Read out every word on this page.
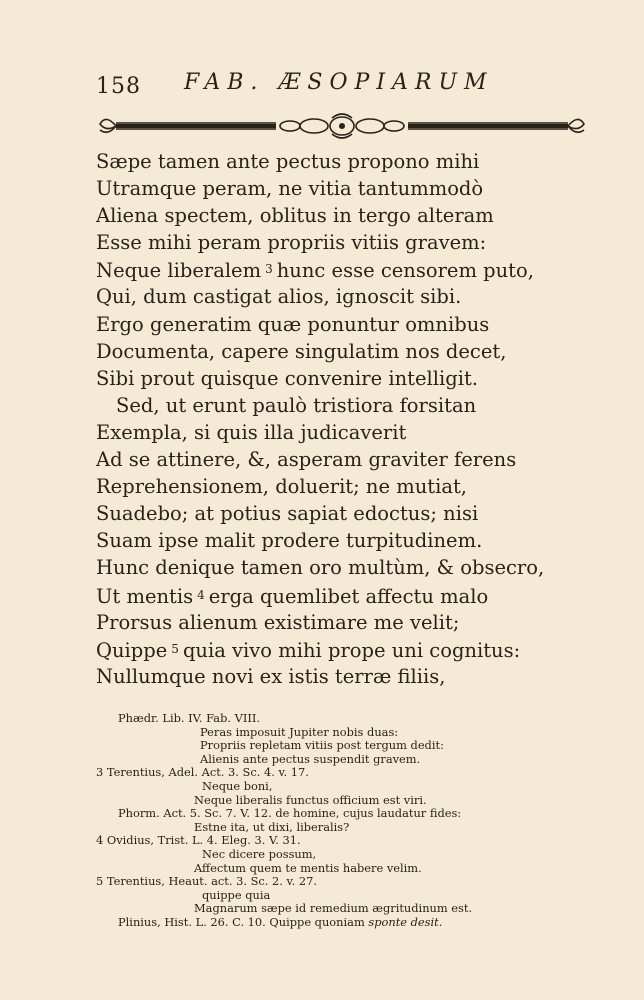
158 FAB. ÆSOPIARUM
Sæpe tamen ante pectus propono mihi
Utramque peram, ne vitia tantummodò
Aliena spectem, oblitus in tergo alteram
Esse mihi peram propriis vitiis gravem:
Neque liberalem $^3$ hunc esse censorem puto,
Qui, dum castigat alios, ignoscit sibi.
Ergo generatim quæ ponuntur omnibus
Documenta, capere singulatim nos decet,
Sibi prout quisque convenire intelligit.
Sed, ut erunt paulò tristiora forsitan
Exempla, si quis illa judicaverit
Ad se attinere, &, asperam graviter ferens
Reprehensionem, doluerit; ne mutiat,
Suadebo; at potius sapiat edoctus; nisi
Suam ipse malit prodere turpitudinem.
Hunc denique tamen oro multùm, & obsecro,
Ut mentis $^4$ erga quemlibet affectu malo
Prorsus alienum existimare me velit;
Quippe $^5$ quia vivo mihi prope uni cognitus:
Nullumque novi ex istis terræ filiis,
Phædr. Lib. IV. Fab. VIII.
Peras imposuit Jupiter nobis duas:
Propriis repletam vitiis post tergum dedit:
Alienis ante pectus suspendit gravem.
3 Terentius, Adel. Act. 3. Sc. 4. v. 17.
Neque boni,
Neque liberalis functus officium est viri.
Phorm. Act. 5. Sc. 7. V. 12. de homine, cujus laudatur fides:
Estne ita, ut dixi, liberalis?
4 Ovidius, Trist. L. 4. Eleg. 3. V. 31.
Nec dicere possum,
Affectum quem te mentis habere velim.
5 Terentius, Heaut. act. 3. Sc. 2. v. 27.
quippe quia
Magnarum sæpe id remedium ægritudinum est.
Plinius, Hist. L. 26. C. 10. Quippe quoniam sponte desit.
